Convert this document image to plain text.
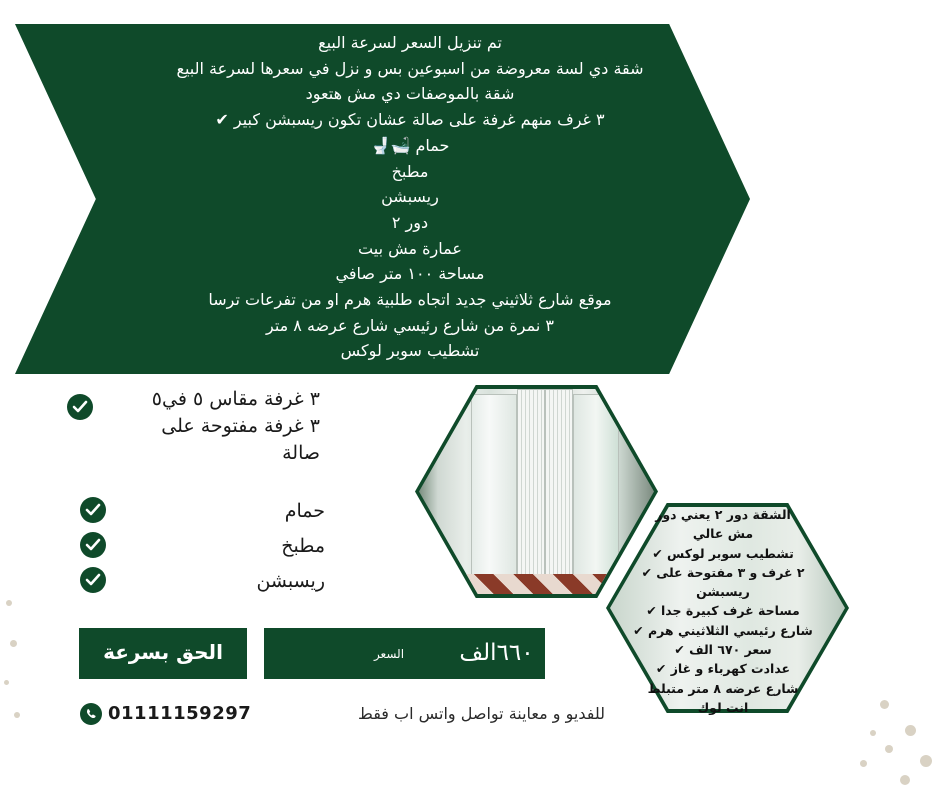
تم تنزيل السعر لسرعة البيع
شقة دي لسة معروضة من اسبوعين بس و نزل في سعرها لسرعة البيع
شقة بالموصفات دي مش هتعود
٣ غرف منهم غرفة على صالة عشان تكون ريسبشن كبير ✔
حمام 🛁🚽
مطبخ
ريسبشن
دور ٢
عمارة مش بيت
مساحة ١٠٠ متر صافي
موقع شارع ثلاثيني جديد اتجاه طلبية هرم او من تفرعات ترسا
٣ نمرة من شارع رئيسي شارع عرضه ٨ متر
تشطيب سوبر لوكس
٣ غرفة مقاس ٥ في٥
٣ غرفة مفتوحة على
صالة
حمام
مطبخ
ريسبشن
الشقة دور ٢ يعني دور
مش عالي
تشطيب سوبر لوكس ✔
٢ غرف و ٣ مفتوحة على ✔
ريسبشن
مساحة غرف كبيرة جدا ✔
شارع رئيسي الثلاثيني هرم ✔
سعر ٦٧٠ الف ✔
عدادت كهرباء و غاز ✔
شارع عرضه ٨ متر متبلط
انت لوك
الحق بسرعة	السعر	٦٦٠الف
01111159297	للفديو و معاينة تواصل واتس اب فقط
